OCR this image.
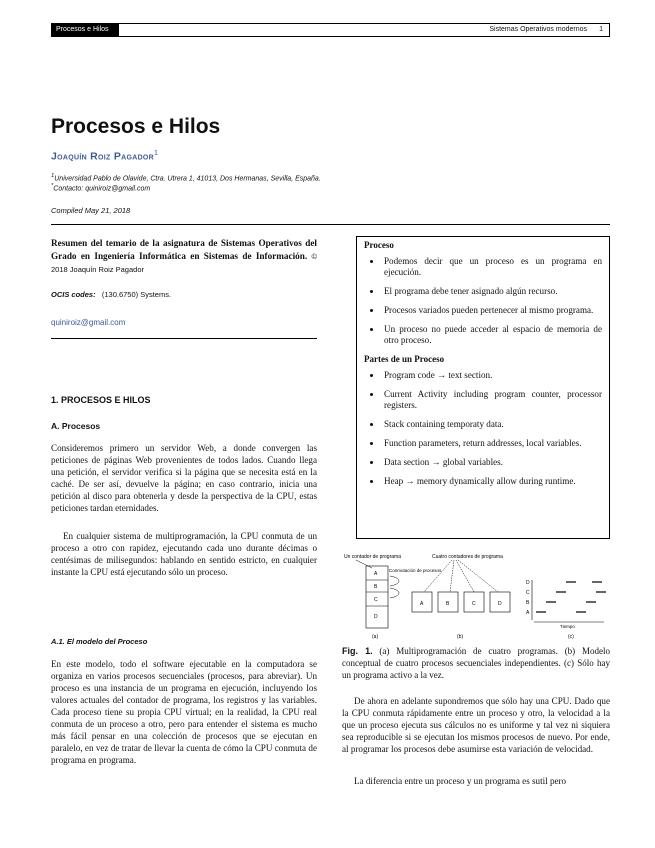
Procesos e Hilos	Sistemas Operativos modernos 1
Procesos e Hilos
Joaquín Roiz Pagador$^1$
$^1$Universidad Pablo de Olavide, Ctra. Utrera 1, 41013, Dos Hermanas, Sevilla, España.
*Contacto: quiniroiz@gmail.com
Compiled May 21, 2018
Resumen del temario de la asignatura de Sistemas Operativos del Grado en Ingeniería Informática en Sistemas de Información. © 2018 Joaquín Roiz Pagador
OCIS codes: (130.6750) Systems.
quiniroiz@gmail.com
1. PROCESOS E HILOS
A. Procesos
Consideremos primero un servidor Web, a donde convergen las peticiones de páginas Web provenientes de todos lados. Cuando llega una petición, el servidor verifica si la página que se necesita está en la caché. De ser así, devuelve la página; en caso contrario, inicia una petición al disco para obtenerla y desde la perspectiva de la CPU, estas peticiones tardan eternidades.
En cualquier sistema de multiprogramación, la CPU conmuta de un proceso a otro con rapidez, ejecutando cada uno durante décimas o centésimas de milisegundos: hablando en sentido estricto, en cualquier instante la CPU está ejecutando sólo un proceso.
A.1. El modelo del Proceso
En este modelo, todo el software ejecutable en la computadora se organiza en varios procesos secuenciales (procesos, para abreviar). Un proceso es una instancia de un programa en ejecución, incluyendo los valores actuales del contador de programa, los registros y las variables. Cada proceso tiene su propia CPU virtual; en la realidad, la CPU real conmuta de un proceso a otro, pero para entender el sistema es mucho más fácil pensar en una colección de procesos que se ejecutan en paralelo, en vez de tratar de llevar la cuenta de cómo la CPU conmuta de programa en programa.
Proceso
• Podemos decir que un proceso es un programa en ejecución.
• El programa debe tener asignado algún recurso.
• Procesos variados pueden pertenecer al mismo programa.
• Un proceso no puede acceder al espacio de memoria de otro proceso.
Partes de un Proceso
• Program code → text section.
• Current Activity including program counter, processor registers.
• Stack containing temporaty data.
• Function parameters, return addresses, local variables.
• Data section → global variables.
• Heap → memory dynamically allow during runtime.
Un contador de programa
A
B
C
D
Conmutación de procesos
(a)
Cuatro contadores de programa
A	B	C	D
(b)
D
C
B
A
Tiempo
(c)
Fig. 1. (a) Multiprogramación de cuatro programas. (b) Modelo conceptual de cuatro procesos secuenciales independientes. (c) Sólo hay un programa activo a la vez.
De ahora en adelante supondremos que sólo hay una CPU. Dado que la CPU conmuta rápidamente entre un proceso y otro, la velocidad a la que un proceso ejecuta sus cálculos no es uniforme y tal vez ni siquiera sea reproducible si se ejecutan los mismos procesos de nuevo. Por ende, al programar los procesos debe asumirse esta variación de velocidad.
La diferencia entre un proceso y un programa es sutil pero
